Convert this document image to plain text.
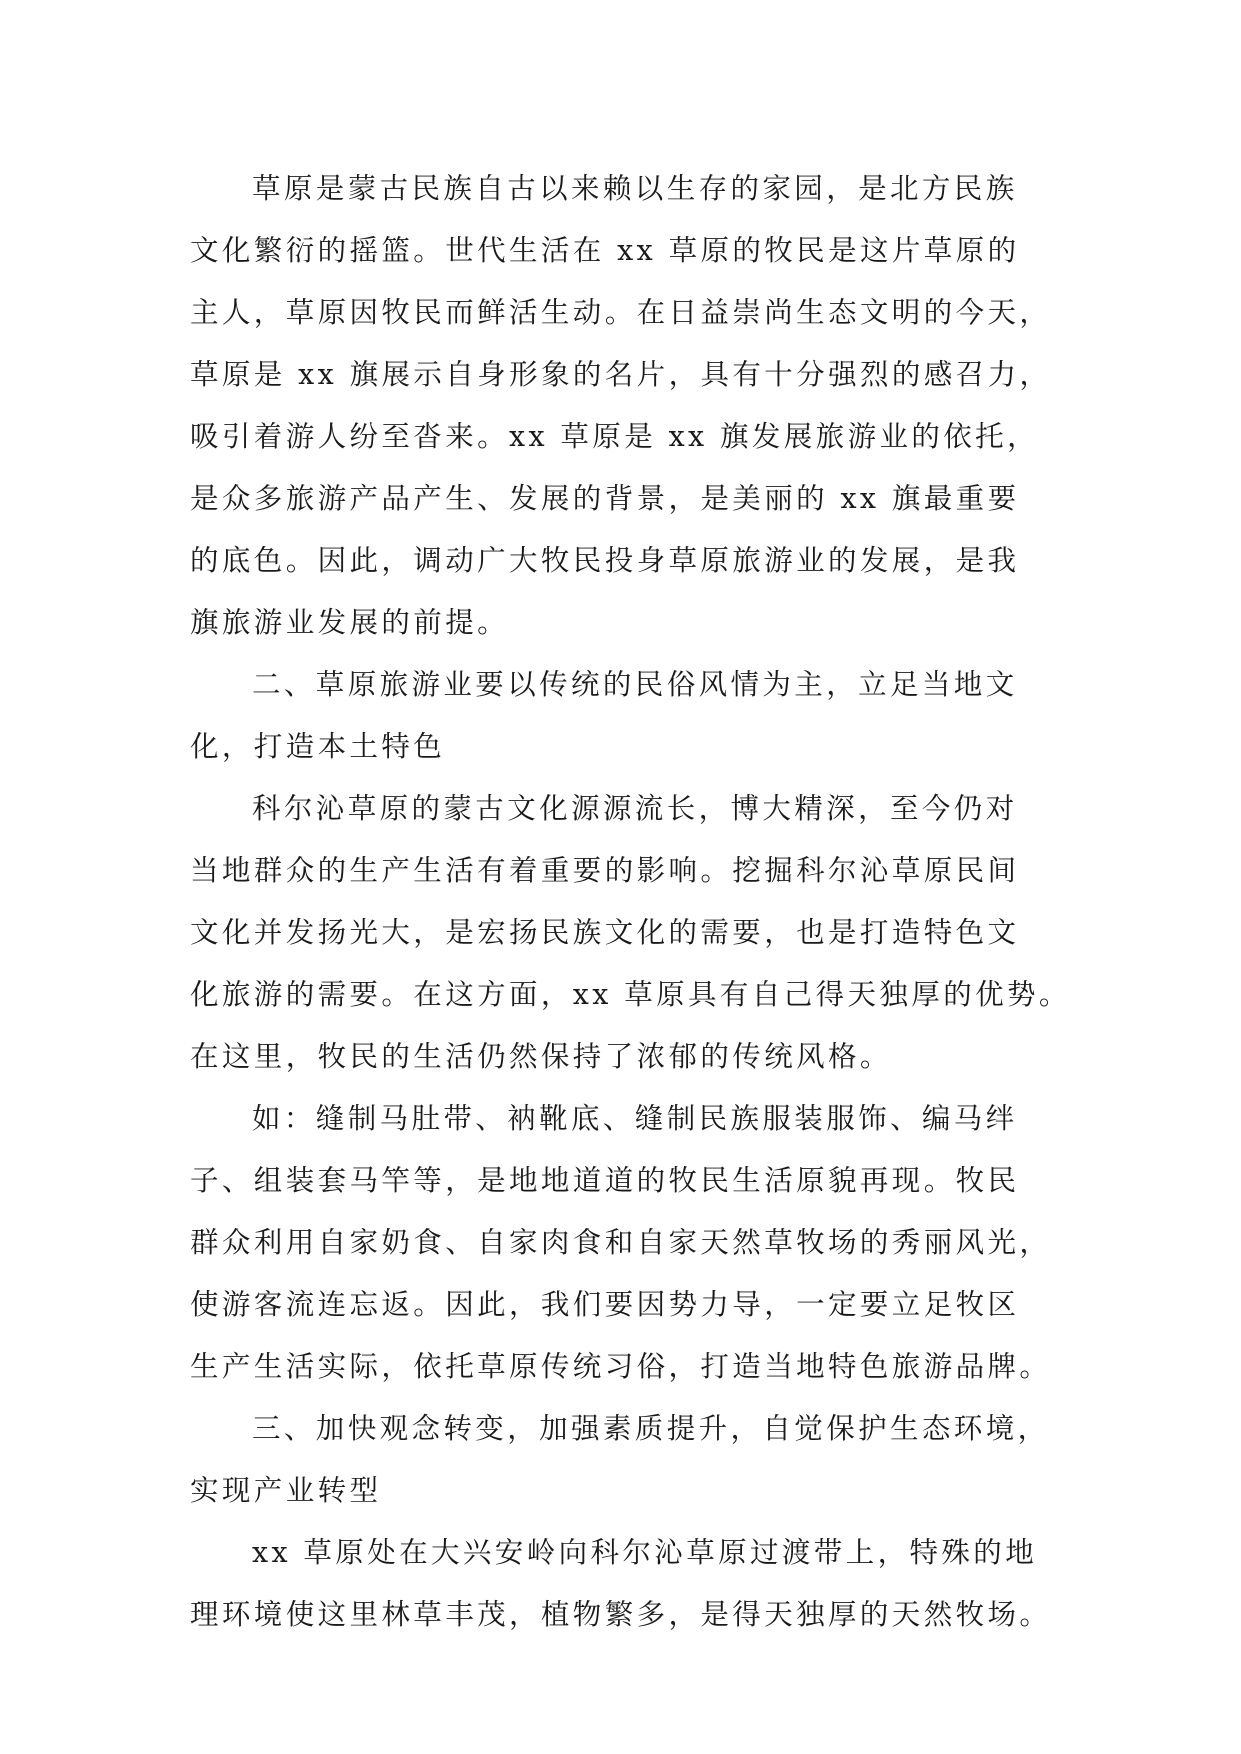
草原是蒙古民族自古以来赖以生存的家园，是北方民族
文化繁衍的摇篮。世代生活在 xx 草原的牧民是这片草原的
主人，草原因牧民而鲜活生动。在日益崇尚生态文明的今天，
草原是 xx 旗展示自身形象的名片，具有十分强烈的感召力，
吸引着游人纷至沓来。xx 草原是 xx 旗发展旅游业的依托，
是众多旅游产品产生、发展的背景，是美丽的 xx 旗最重要
的底色。因此，调动广大牧民投身草原旅游业的发展，是我
旗旅游业发展的前提。

二、草原旅游业要以传统的民俗风情为主，立足当地文
化，打造本土特色

科尔沁草原的蒙古文化源源流长，博大精深，至今仍对
当地群众的生产生活有着重要的影响。挖掘科尔沁草原民间
文化并发扬光大，是宏扬民族文化的需要，也是打造特色文
化旅游的需要。在这方面，xx 草原具有自己得天独厚的优势。
在这里，牧民的生活仍然保持了浓郁的传统风格。

如：缝制马肚带、衲靴底、缝制民族服装服饰、编马绊
子、组装套马竿等，是地地道道的牧民生活原貌再现。牧民
群众利用自家奶食、自家肉食和自家天然草牧场的秀丽风光，
使游客流连忘返。因此，我们要因势力导，一定要立足牧区
生产生活实际，依托草原传统习俗，打造当地特色旅游品牌。

三、加快观念转变，加强素质提升，自觉保护生态环境，
实现产业转型

xx 草原处在大兴安岭向科尔沁草原过渡带上，特殊的地
理环境使这里林草丰茂，植物繁多，是得天独厚的天然牧场。
